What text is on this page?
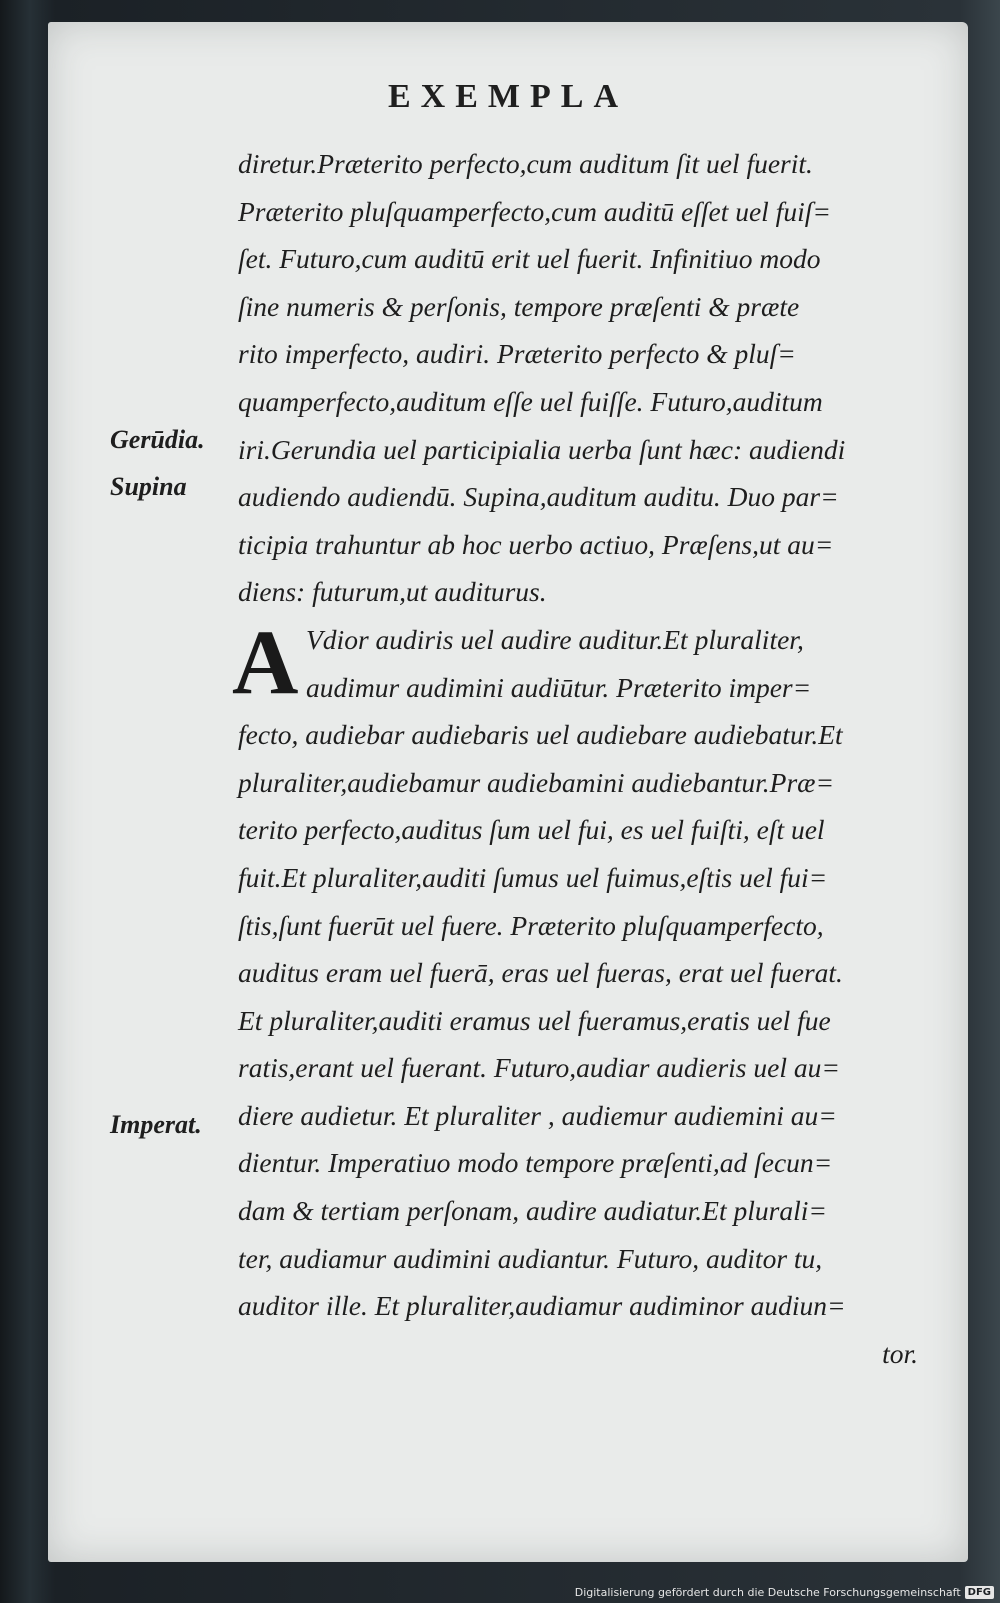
EXEMPLA
Gerūdia.
Supina
Imperat.
diretur.Præterito perfecto,cum auditum ſit uel fuerit.
Præterito pluſquamperfecto,cum auditū eſſet uel fuiſ=
ſet. Futuro,cum auditū erit uel fuerit. Infinitiuo modo
ſine numeris & perſonis, tempore præſenti & præte
rito imperfecto, audiri. Præterito perfecto & pluſ=
quamperfecto,auditum eſſe uel fuiſſe. Futuro,auditum
iri.Gerundia uel participialia uerba ſunt hæc: audiendi
audiendo audiendū. Supina,auditum auditu. Duo par=
ticipia trahuntur ab hoc uerbo actiuo, Præſens,ut au=
diens: futurum,ut auditurus.
A Vdior audiris uel audire auditur.Et pluraliter,
audimur audimini audiūtur. Præterito imper=
fecto, audiebar audiebaris uel audiebare audiebatur.Et
pluraliter,audiebamur audiebamini audiebantur.Præ=
terito perfecto,auditus ſum uel fui, es uel fuiſti, eſt uel
fuit.Et pluraliter,auditi ſumus uel fuimus,eſtis uel fui=
ſtis,ſunt fuerūt uel fuere. Præterito pluſquamperfecto,
auditus eram uel fuerā, eras uel fueras, erat uel fuerat.
Et pluraliter,auditi eramus uel fueramus,eratis uel fue
ratis,erant uel fuerant. Futuro,audiar audieris uel au=
diere audietur. Et pluraliter , audiemur audiemini au=
dientur. Imperatiuo modo tempore præſenti,ad ſecun=
dam & tertiam perſonam, audire audiatur.Et plurali=
ter, audiamur audimini audiantur. Futuro, auditor tu,
auditor ille. Et pluraliter,audiamur audiminor audiun=
tor.
Digitalisierung gefördert durch die Deutsche Forschungsgemeinschaft DFG
